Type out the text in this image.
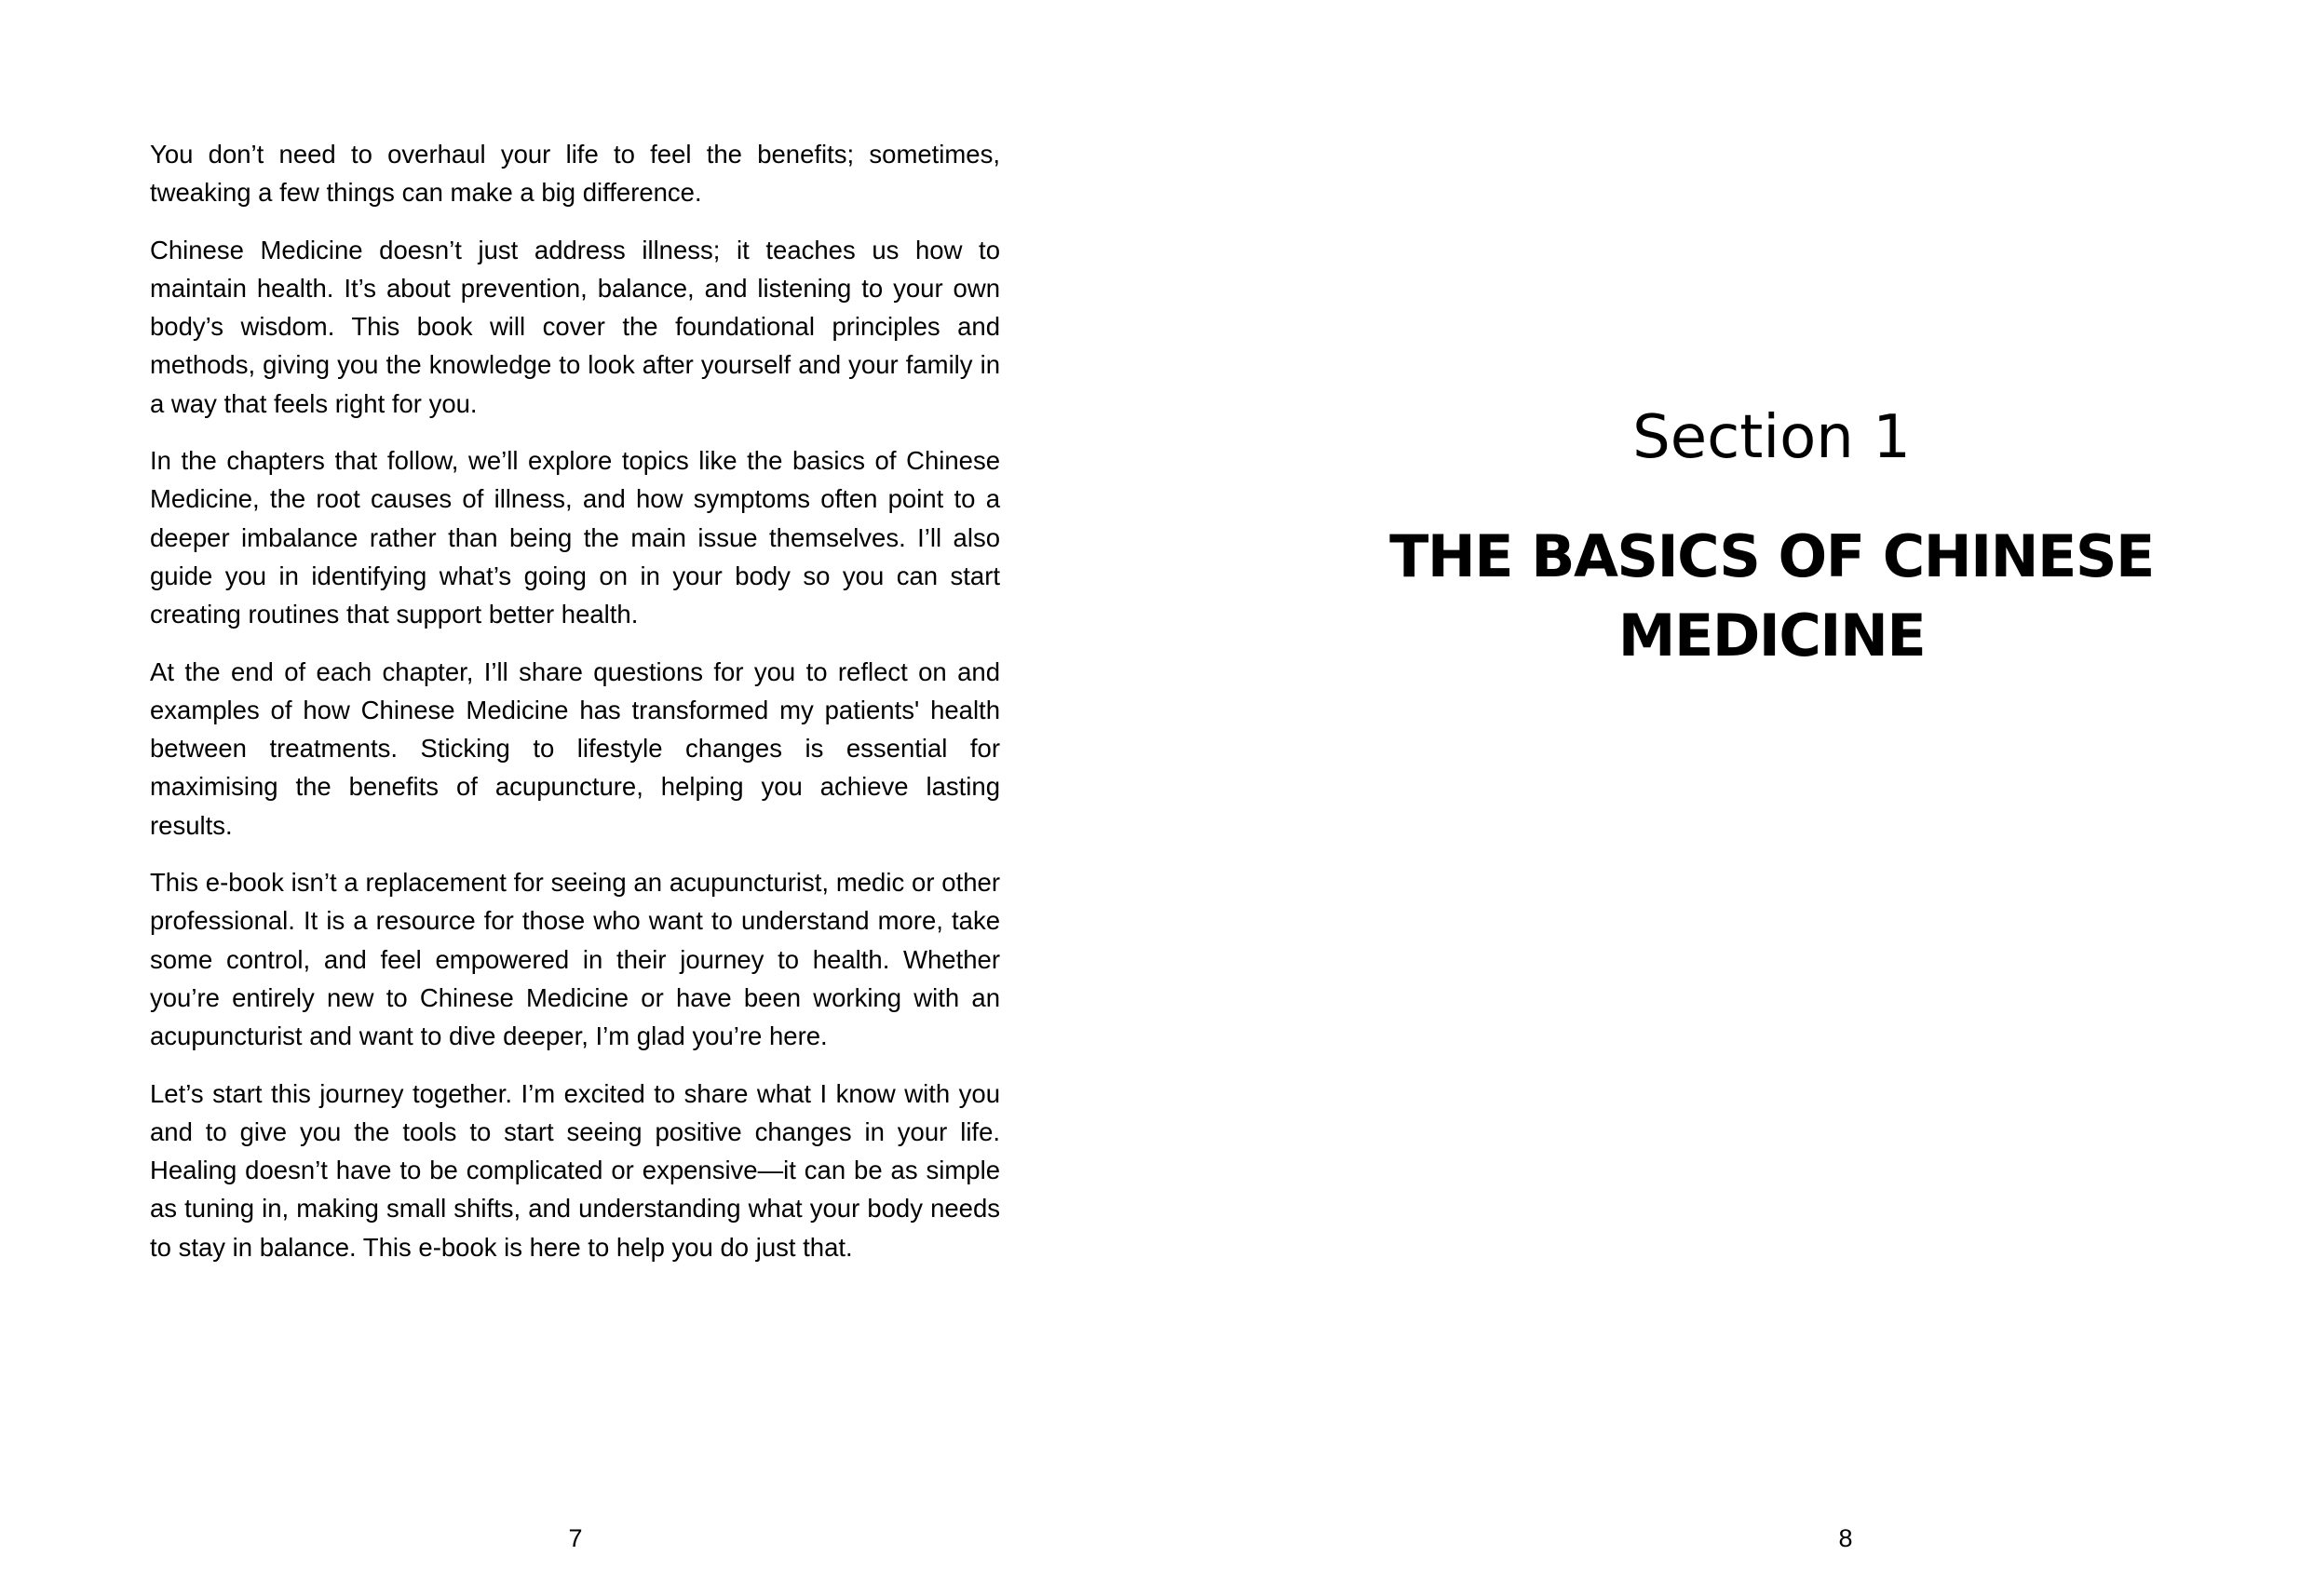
You don’t need to overhaul your life to feel the benefits; sometimes, tweaking a few things can make a big difference.

Chinese Medicine doesn’t just address illness; it teaches us how to maintain health. It’s about prevention, balance, and listening to your own body’s wisdom. This book will cover the foundational principles and methods, giving you the knowledge to look after yourself and your family in a way that feels right for you.

In the chapters that follow, we’ll explore topics like the basics of Chinese Medicine, the root causes of illness, and how symptoms often point to a deeper imbalance rather than being the main issue themselves. I’ll also guide you in identifying what’s going on in your body so you can start creating routines that support better health.

At the end of each chapter, I’ll share questions for you to reflect on and examples of how Chinese Medicine has transformed my patients' health between treatments. Sticking to lifestyle changes is essential for maximising the benefits of acupuncture, helping you achieve lasting results.

This e-book isn’t a replacement for seeing an acupuncturist, medic or other professional. It is a resource for those who want to understand more, take some control, and feel empowered in their journey to health. Whether you’re entirely new to Chinese Medicine or have been working with an acupuncturist and want to dive deeper, I’m glad you’re here.

Let’s start this journey together. I’m excited to share what I know with you and to give you the tools to start seeing positive changes in your life. Healing doesn’t have to be complicated or expensive—it can be as simple as tuning in, making small shifts, and understanding what your body needs to stay in balance. This e-book is here to help you do just that.

7
Section 1
THE BASICS OF CHINESE
MEDICINE
8
